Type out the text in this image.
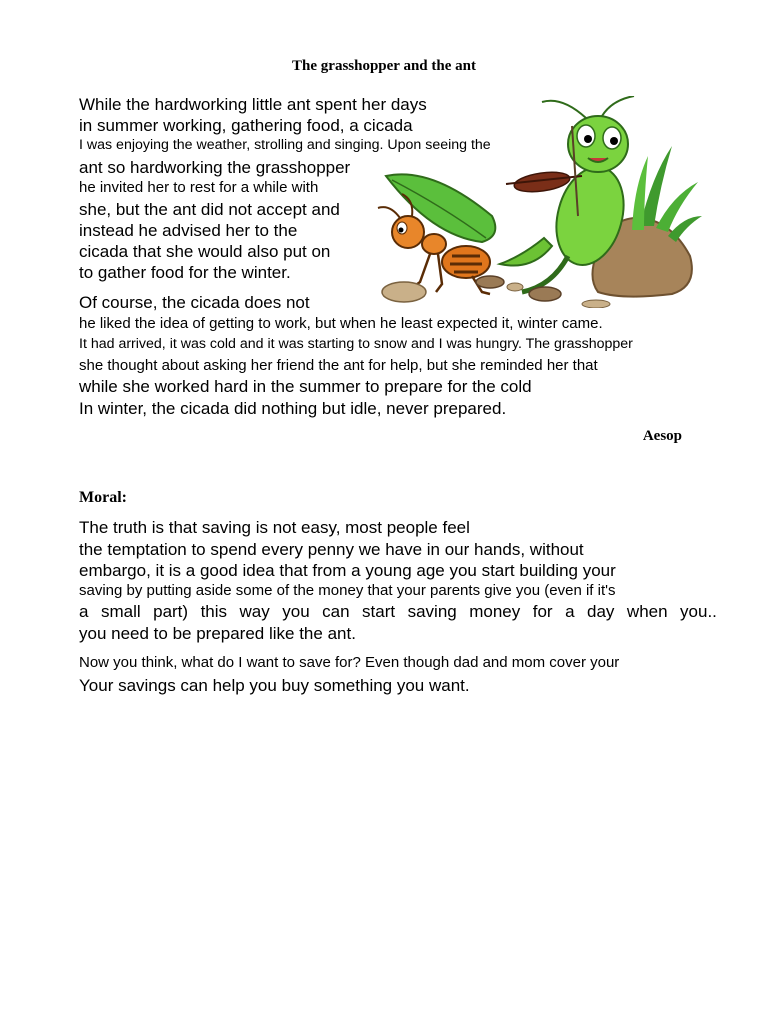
The grasshopper and the ant
While the hardworking little ant spent her days
in summer working, gathering food, a cicada
I was enjoying the weather, strolling and singing. Upon seeing the
ant so hardworking the grasshopper
he invited her to rest for a while with
she, but the ant did not accept and
instead he advised her to the
cicada that she would also put on
to gather food for the winter.
Of course, the cicada does not
he liked the idea of getting to work, but when he least expected it, winter came.
It had arrived, it was cold and it was starting to snow and I was hungry. The grasshopper
she thought about asking her friend the ant for help, but she reminded her that
while she worked hard in the summer to prepare for the cold
In winter, the cicada did nothing but idle, never prepared.
Aesop
Moral:
The truth is that saving is not easy, most people feel
the temptation to spend every penny we have in our hands, without
embargo, it is a good idea that from a young age you start building your
saving by putting aside some of the money that your parents give you (even if it's
a small part) this way you can start saving money for a day when you..
you need to be prepared like the ant.
Now you think, what do I want to save for? Even though dad and mom cover your
Your savings can help you buy something you want.
